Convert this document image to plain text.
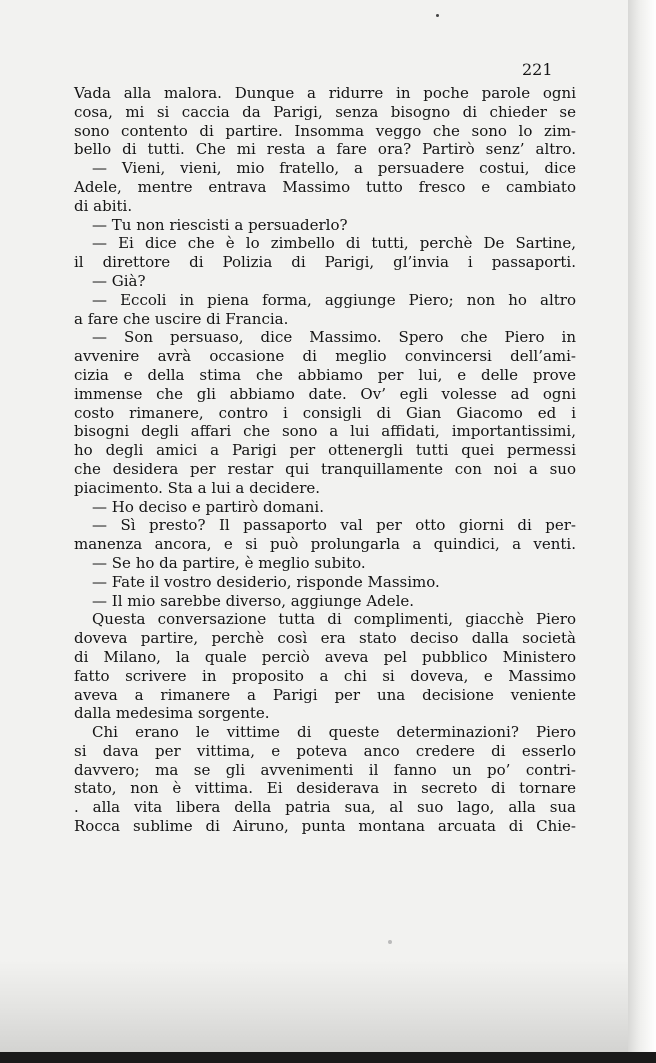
221

Vada alla malora. Dunque a ridurre in poche parole ogni
cosa, mi si caccia da Parigi, senza bisogno di chieder se
sono contento di partire. Insomma veggo che sono lo zim-
bello di tutti. Che mi resta a fare ora? Partirò senz’ altro.
— Vieni, vieni, mio fratello, a persuadere costui, dice
Adele, mentre entrava Massimo tutto fresco e cambiato
di abiti.
— Tu non riescisti a persuaderlo?
— Ei dice che è lo zimbello di tutti, perchè De Sartine,
il direttore di Polizia di Parigi, gl’invia i passaporti.
— Già?
— Eccoli in piena forma, aggiunge Piero; non ho altro
a fare che uscire di Francia.
— Son persuaso, dice Massimo. Spero che Piero in
avvenire avrà occasione di meglio convincersi dell’ami-
cizia e della stima che abbiamo per lui, e delle prove
immense che gli abbiamo date. Ov’ egli volesse ad ogni
costo rimanere, contro i consigli di Gian Giacomo ed i
bisogni degli affari che sono a lui affidati, importantissimi,
ho degli amici a Parigi per ottenergli tutti quei permessi
che desidera per restar qui tranquillamente con noi a suo
piacimento. Sta a lui a decidere.
— Ho deciso e partirò domani.
— Sì presto? Il passaporto val per otto giorni di per-
manenza ancora, e si può prolungarla a quindici, a venti.
— Se ho da partire, è meglio subito.
— Fate il vostro desiderio, risponde Massimo.
— Il mio sarebbe diverso, aggiunge Adele.
Questa conversazione tutta di complimenti, giacchè Piero
doveva partire, perchè così era stato deciso dalla società
di Milano, la quale perciò aveva pel pubblico Ministero
fatto scrivere in proposito a chi si doveva, e Massimo
aveva a rimanere a Parigi per una decisione veniente
dalla medesima sorgente.
Chi erano le vittime di queste determinazioni? Piero
si dava per vittima, e poteva anco credere di esserlo
davvero; ma se gli avvenimenti il fanno un po’ contri-
stato, non è vittima. Ei desiderava in secreto di tornare
. alla vita libera della patria sua, al suo lago, alla sua
Rocca sublime di Airuno, punta montana arcuata di Chie-
